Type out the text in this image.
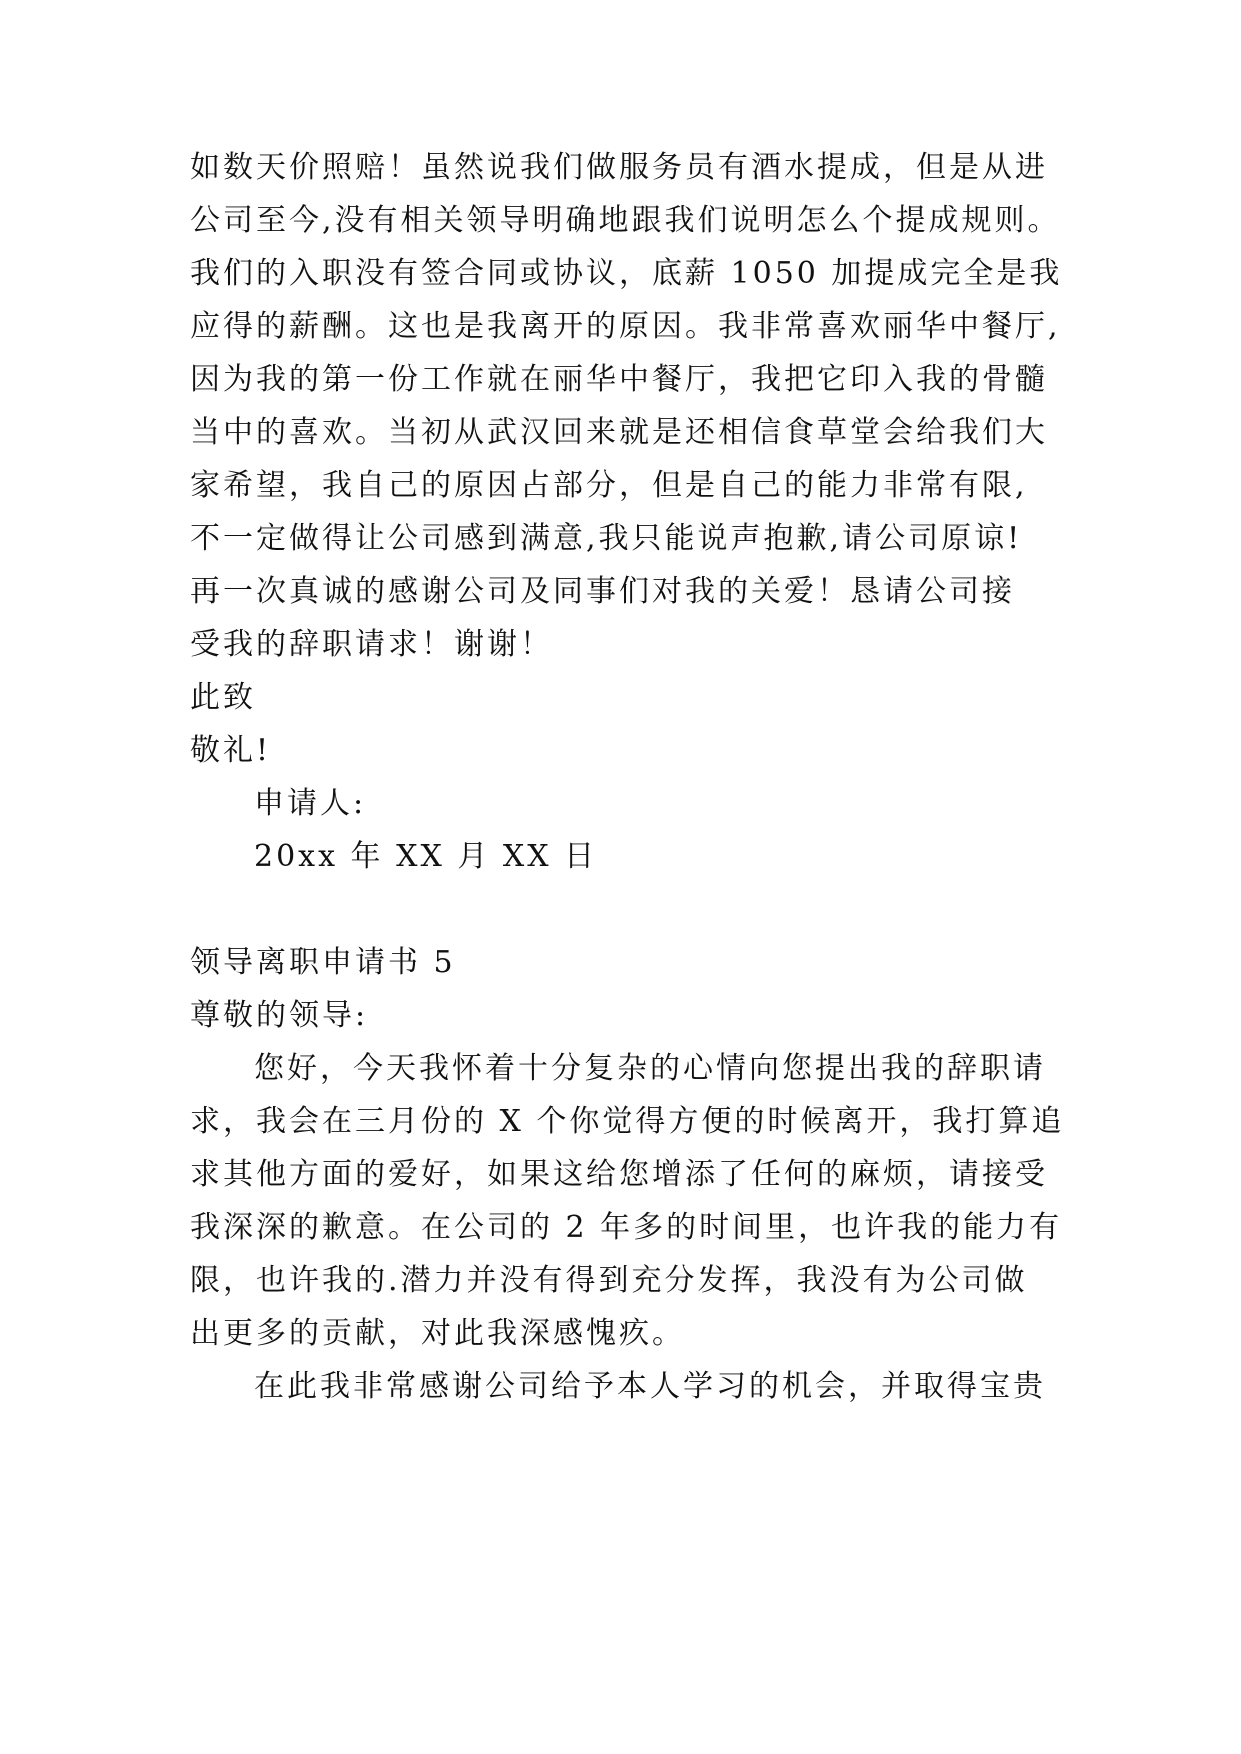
如数天价照赔！虽然说我们做服务员有酒水提成，但是从进
公司至今,没有相关领导明确地跟我们说明怎么个提成规则。
我们的入职没有签合同或协议，底薪 1050 加提成完全是我
应得的薪酬。这也是我离开的原因。我非常喜欢丽华中餐厅,
因为我的第一份工作就在丽华中餐厅，我把它印入我的骨髓
当中的喜欢。当初从武汉回来就是还相信食草堂会给我们大
家希望，我自己的原因占部分，但是自己的能力非常有限,
不一定做得让公司感到满意,我只能说声抱歉,请公司原谅!
再一次真诚的感谢公司及同事们对我的关爱！恳请公司接
受我的辞职请求！谢谢！
此致
敬礼!
申请人:
20xx 年 XX 月 XX 日
领导离职申请书 5
尊敬的领导:
您好，今天我怀着十分复杂的心情向您提出我的辞职请
求，我会在三月份的 X 个你觉得方便的时候离开，我打算追
求其他方面的爱好，如果这给您增添了任何的麻烦，请接受
我深深的歉意。在公司的 2 年多的时间里，也许我的能力有
限，也许我的.潜力并没有得到充分发挥，我没有为公司做
出更多的贡献，对此我深感愧疚。
在此我非常感谢公司给予本人学习的机会，并取得宝贵
